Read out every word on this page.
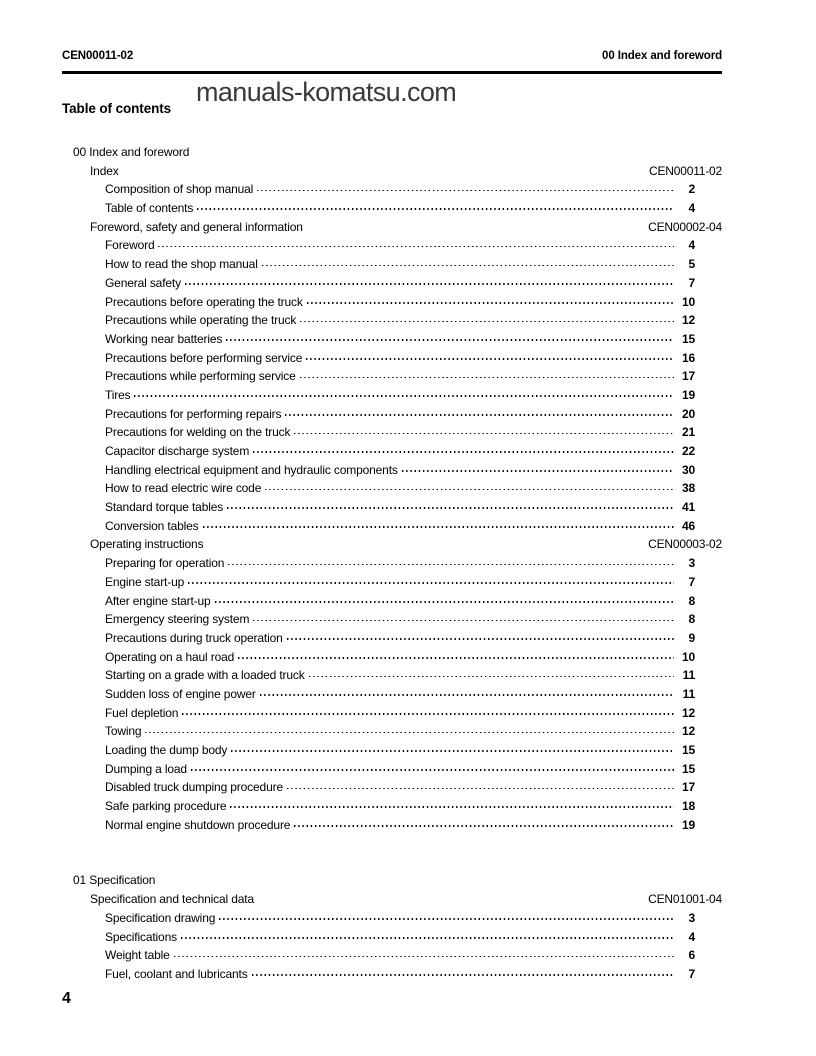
CEN00011-02	00 Index and foreword
manuals-komatsu.com
Table of contents
00 Index and foreword
Index	CEN00011-02
Composition of shop manual	2
Table of contents	4
Foreword, safety and general information	CEN00002-04
Foreword	4
How to read the shop manual	5
General safety	7
Precautions before operating the truck	10
Precautions while operating the truck	12
Working near batteries	15
Precautions before performing service	16
Precautions while performing service	17
Tires	19
Precautions for performing repairs	20
Precautions for welding on the truck	21
Capacitor discharge system	22
Handling electrical equipment and hydraulic components	30
How to read electric wire code	38
Standard torque tables	41
Conversion tables	46
Operating instructions	CEN00003-02
Preparing for operation	3
Engine start-up	7
After engine start-up	8
Emergency steering system	8
Precautions during truck operation	9
Operating on a haul road	10
Starting on a grade with a loaded truck	11
Sudden loss of engine power	11
Fuel depletion	12
Towing	12
Loading the dump body	15
Dumping a load	15
Disabled truck dumping procedure	17
Safe parking procedure	18
Normal engine shutdown procedure	19
01 Specification
Specification and technical data	CEN01001-04
Specification drawing	3
Specifications	4
Weight table	6
Fuel, coolant and lubricants	7
4
